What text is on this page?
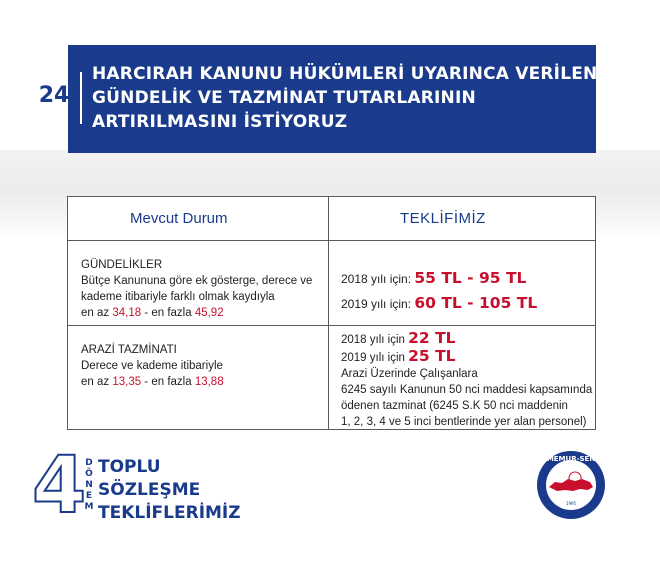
24
HARCIRAH KANUNU HÜKÜMLERİ UYARINCA VERİLEN
GÜNDELİK VE TAZMİNAT TUTARLARININ
ARTIRILMASINI İSTİYORUZ
Mevcut Durum	TEKLİFİMİZ
GÜNDELİKLER
Bütçe Kanununa göre ek gösterge, derece ve
kademe itibariyle farklı olmak kaydıyla
en az 34,18 - en fazla 45,92
2018 yılı için: 55 TL - 95 TL
2019 yılı için: 60 TL - 105 TL
ARAZİ TAZMİNATI
Derece ve kademe itibariyle
en az 13,35 - en fazla 13,88
2018 yılı için 22 TL
2019 yılı için 25 TL
Arazi Üzerinde Çalışanlara
6245 sayılı Kanunun 50 nci maddesi kapsamında
ödenen tazminat (6245 S.K 50 nci maddenin
1, 2, 3, 4 ve 5 inci bentlerinde yer alan personel)
4
D
Ö
N
E
M
TOPLU
SÖZLEŞME
TEKLİFLERİMİZ
MEMUR-SEN
1995
